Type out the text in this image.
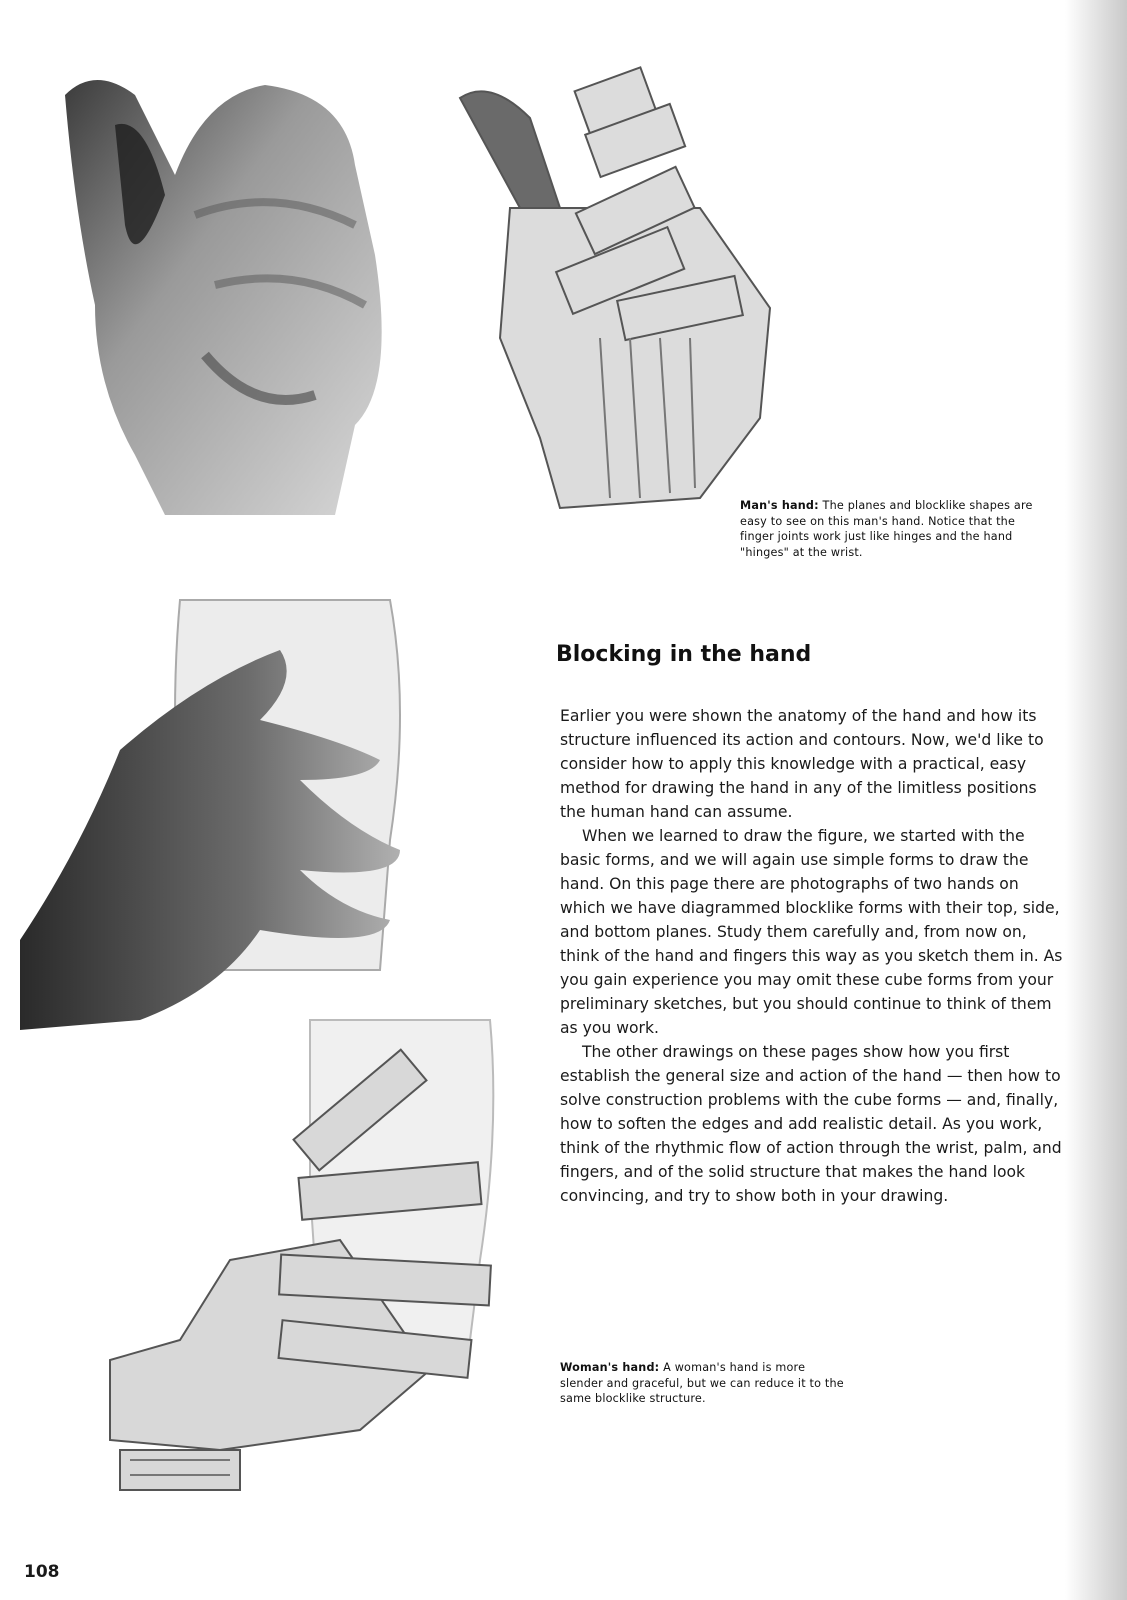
Man's hand: The planes and blocklike shapes are easy to see on this man's hand. Notice that the finger joints work just like hinges and the hand "hinges" at the wrist.
Woman's hand: A woman's hand is more slender and graceful, but we can reduce it to the same blocklike structure.
Blocking in the hand

Earlier you were shown the anatomy of the hand and how its structure influenced its action and contours. Now, we'd like to consider how to apply this knowledge with a practical, easy method for drawing the hand in any of the limitless positions the human hand can assume.

When we learned to draw the figure, we started with the basic forms, and we will again use simple forms to draw the hand. On this page there are photographs of two hands on which we have diagrammed blocklike forms with their top, side, and bottom planes. Study them carefully and, from now on, think of the hand and fingers this way as you sketch them in. As you gain experience you may omit these cube forms from your preliminary sketches, but you should continue to think of them as you work.

The other drawings on these pages show how you first establish the general size and action of the hand — then how to solve construction problems with the cube forms — and, finally, how to soften the edges and add realistic detail. As you work, think of the rhythmic flow of action through the wrist, palm, and fingers, and of the solid structure that makes the hand look convincing, and try to show both in your drawing.

108
